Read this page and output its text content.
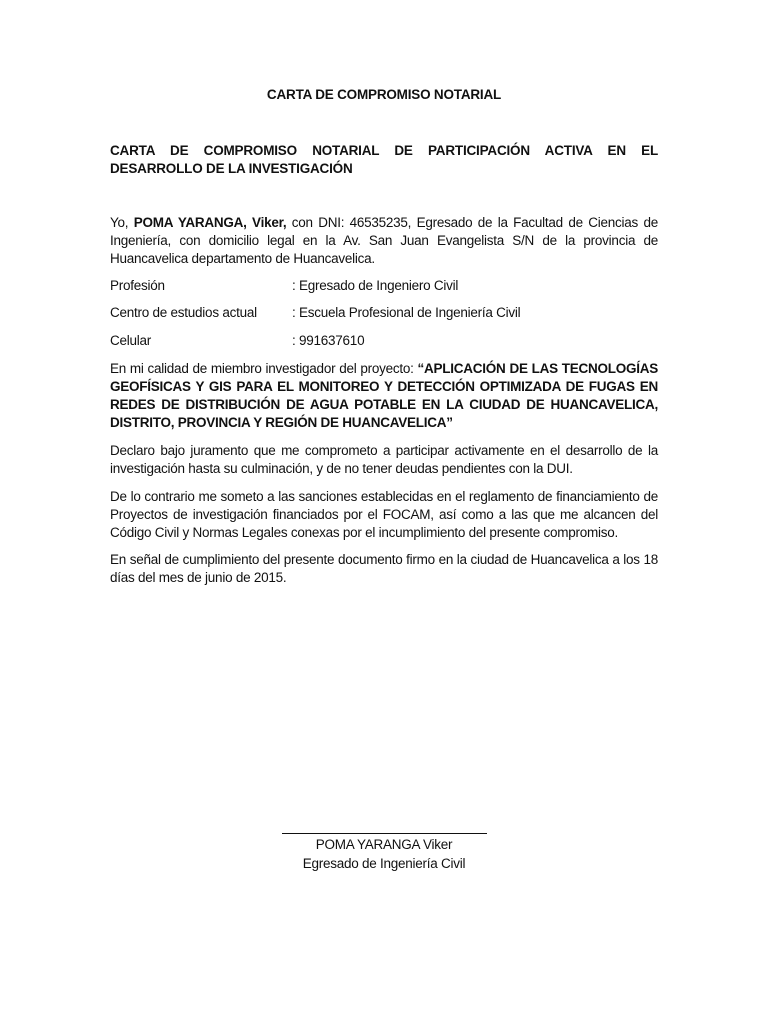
CARTA DE COMPROMISO NOTARIAL
CARTA DE COMPROMISO NOTARIAL DE PARTICIPACIÓN ACTIVA EN EL DESARROLLO DE LA INVESTIGACIÓN
Yo, POMA YARANGA, Viker, con DNI: 46535235, Egresado de la Facultad de Ciencias de Ingeniería, con domicilio legal en la Av. San Juan Evangelista S/N de la provincia de Huancavelica departamento de Huancavelica.
Profesión	: Egresado de Ingeniero Civil
Centro de estudios actual	: Escuela Profesional de Ingeniería Civil
Celular	: 991637610
En mi calidad de miembro investigador del proyecto: “APLICACIÓN DE LAS TECNOLOGÍAS GEOFÍSICAS Y GIS PARA EL MONITOREO Y DETECCIÓN OPTIMIZADA DE FUGAS EN REDES DE DISTRIBUCIÓN DE AGUA POTABLE EN LA CIUDAD DE HUANCAVELICA, DISTRITO, PROVINCIA Y REGIÓN DE HUANCAVELICA”
Declaro bajo juramento que me comprometo a participar activamente en el desarrollo de la investigación hasta su culminación, y de no tener deudas pendientes con la DUI.
De lo contrario me someto a las sanciones establecidas en el reglamento de financiamiento de Proyectos de investigación financiados por el FOCAM, así como a las que me alcancen del Código Civil y Normas Legales conexas por el incumplimiento del presente compromiso.
En señal de cumplimiento del presente documento firmo en la ciudad de Huancavelica a los 18 días del mes de junio de 2015.
POMA YARANGA Viker
Egresado de Ingeniería Civil
